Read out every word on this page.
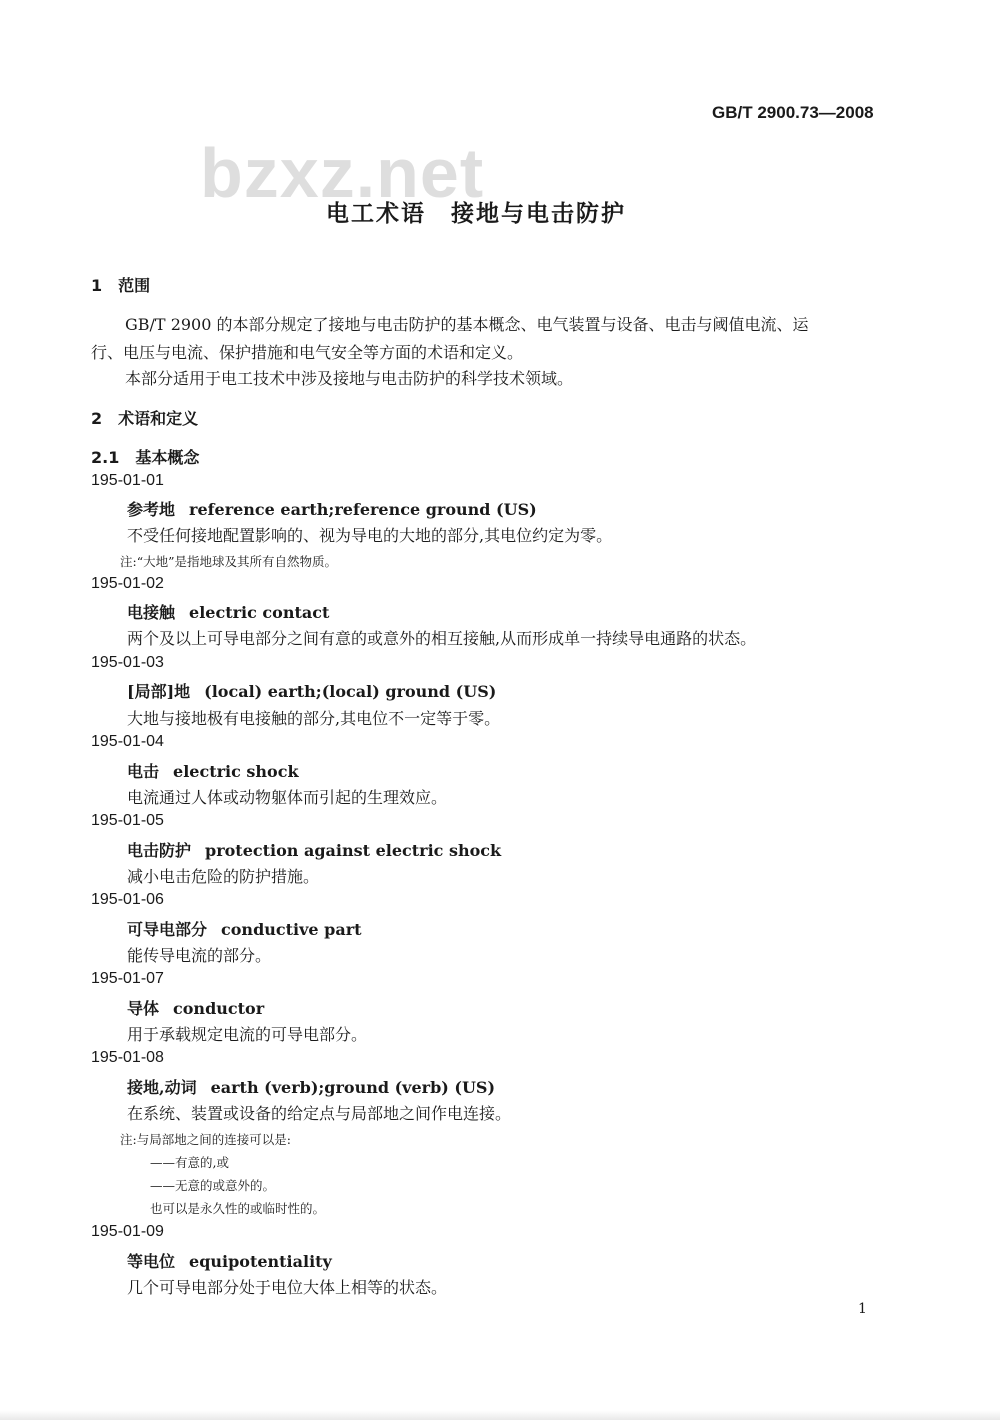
GB/T 2900.73—2008
bzxz.net
电工术语　接地与电击防护
1　范围
GB/T 2900 的本部分规定了接地与电击防护的基本概念、电气装置与设备、电击与阈值电流、运
行、电压与电流、保护措施和电气安全等方面的术语和定义。
本部分适用于电工技术中涉及接地与电击防护的科学技术领域。
2　术语和定义
2.1　基本概念
195-01-01
参考地 reference earth;reference ground (US)
不受任何接地配置影响的、视为导电的大地的部分,其电位约定为零。
注:“大地”是指地球及其所有自然物质。
195-01-02
电接触 electric contact
两个及以上可导电部分之间有意的或意外的相互接触,从而形成单一持续导电通路的状态。
195-01-03
[局部]地 (local) earth;(local) ground (US)
大地与接地极有电接触的部分,其电位不一定等于零。
195-01-04
电击 electric shock
电流通过人体或动物躯体而引起的生理效应。
195-01-05
电击防护 protection against electric shock
减小电击危险的防护措施。
195-01-06
可导电部分 conductive part
能传导电流的部分。
195-01-07
导体 conductor
用于承载规定电流的可导电部分。
195-01-08
接地,动词 earth (verb);ground (verb) (US)
在系统、装置或设备的给定点与局部地之间作电连接。
注:与局部地之间的连接可以是:
——有意的,或
——无意的或意外的。
也可以是永久性的或临时性的。
195-01-09
等电位 equipotentiality
几个可导电部分处于电位大体上相等的状态。
1
